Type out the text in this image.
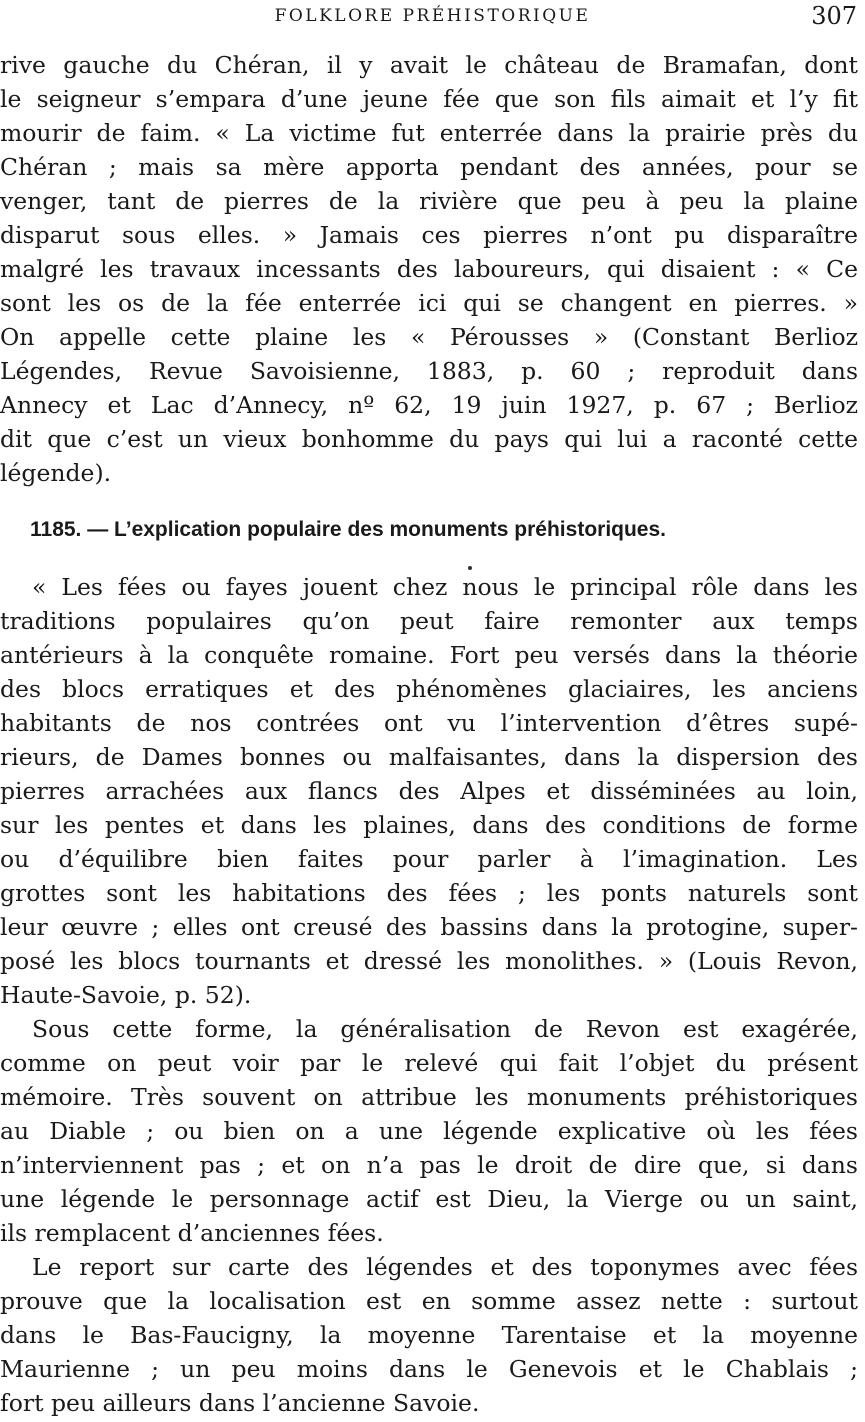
FOLKLORE PRÉHISTORIQUE	307
rive gauche du Chéran, il y avait le château de Bramafan, dont
le seigneur s’empara d’une jeune fée que son fils aimait et l’y fit
mourir de faim. « La victime fut enterrée dans la prairie près du
Chéran ; mais sa mère apporta pendant des années, pour se
venger, tant de pierres de la rivière que peu à peu la plaine
disparut sous elles. » Jamais ces pierres n’ont pu disparaître
malgré les travaux incessants des laboureurs, qui disaient : « Ce
sont les os de la fée enterrée ici qui se changent en pierres. »
On appelle cette plaine les « Pérousses » (Constant Berlioz
Légendes, Revue Savoisienne, 1883, p. 60 ; reproduit dans
Annecy et Lac d’Annecy, nº 62, 19 juin 1927, p. 67 ; Berlioz
dit que c’est un vieux bonhomme du pays qui lui a raconté cette
légende).
1185. — L’explication populaire des monuments préhistoriques.
« Les fées ou fayes jouent chez nous le principal rôle dans les
traditions populaires qu’on peut faire remonter aux temps
antérieurs à la conquête romaine. Fort peu versés dans la théorie
des blocs erratiques et des phénomènes glaciaires, les anciens
habitants de nos contrées ont vu l’intervention d’êtres supé-
rieurs, de Dames bonnes ou malfaisantes, dans la dispersion des
pierres arrachées aux flancs des Alpes et disséminées au loin,
sur les pentes et dans les plaines, dans des conditions de forme
ou d’équilibre bien faites pour parler à l’imagination. Les
grottes sont les habitations des fées ; les ponts naturels sont
leur œuvre ; elles ont creusé des bassins dans la protogine, super-
posé les blocs tournants et dressé les monolithes. » (Louis Revon,
Haute-Savoie, p. 52).
Sous cette forme, la généralisation de Revon est exagérée,
comme on peut voir par le relevé qui fait l’objet du présent
mémoire. Très souvent on attribue les monuments préhistoriques
au Diable ; ou bien on a une légende explicative où les fées
n’interviennent pas ; et on n’a pas le droit de dire que, si dans
une légende le personnage actif est Dieu, la Vierge ou un saint,
ils remplacent d’anciennes fées.
Le report sur carte des légendes et des toponymes avec fées
prouve que la localisation est en somme assez nette : surtout
dans le Bas-Faucigny, la moyenne Tarentaise et la moyenne
Maurienne ; un peu moins dans le Genevois et le Chablais ;
fort peu ailleurs dans l’ancienne Savoie.
